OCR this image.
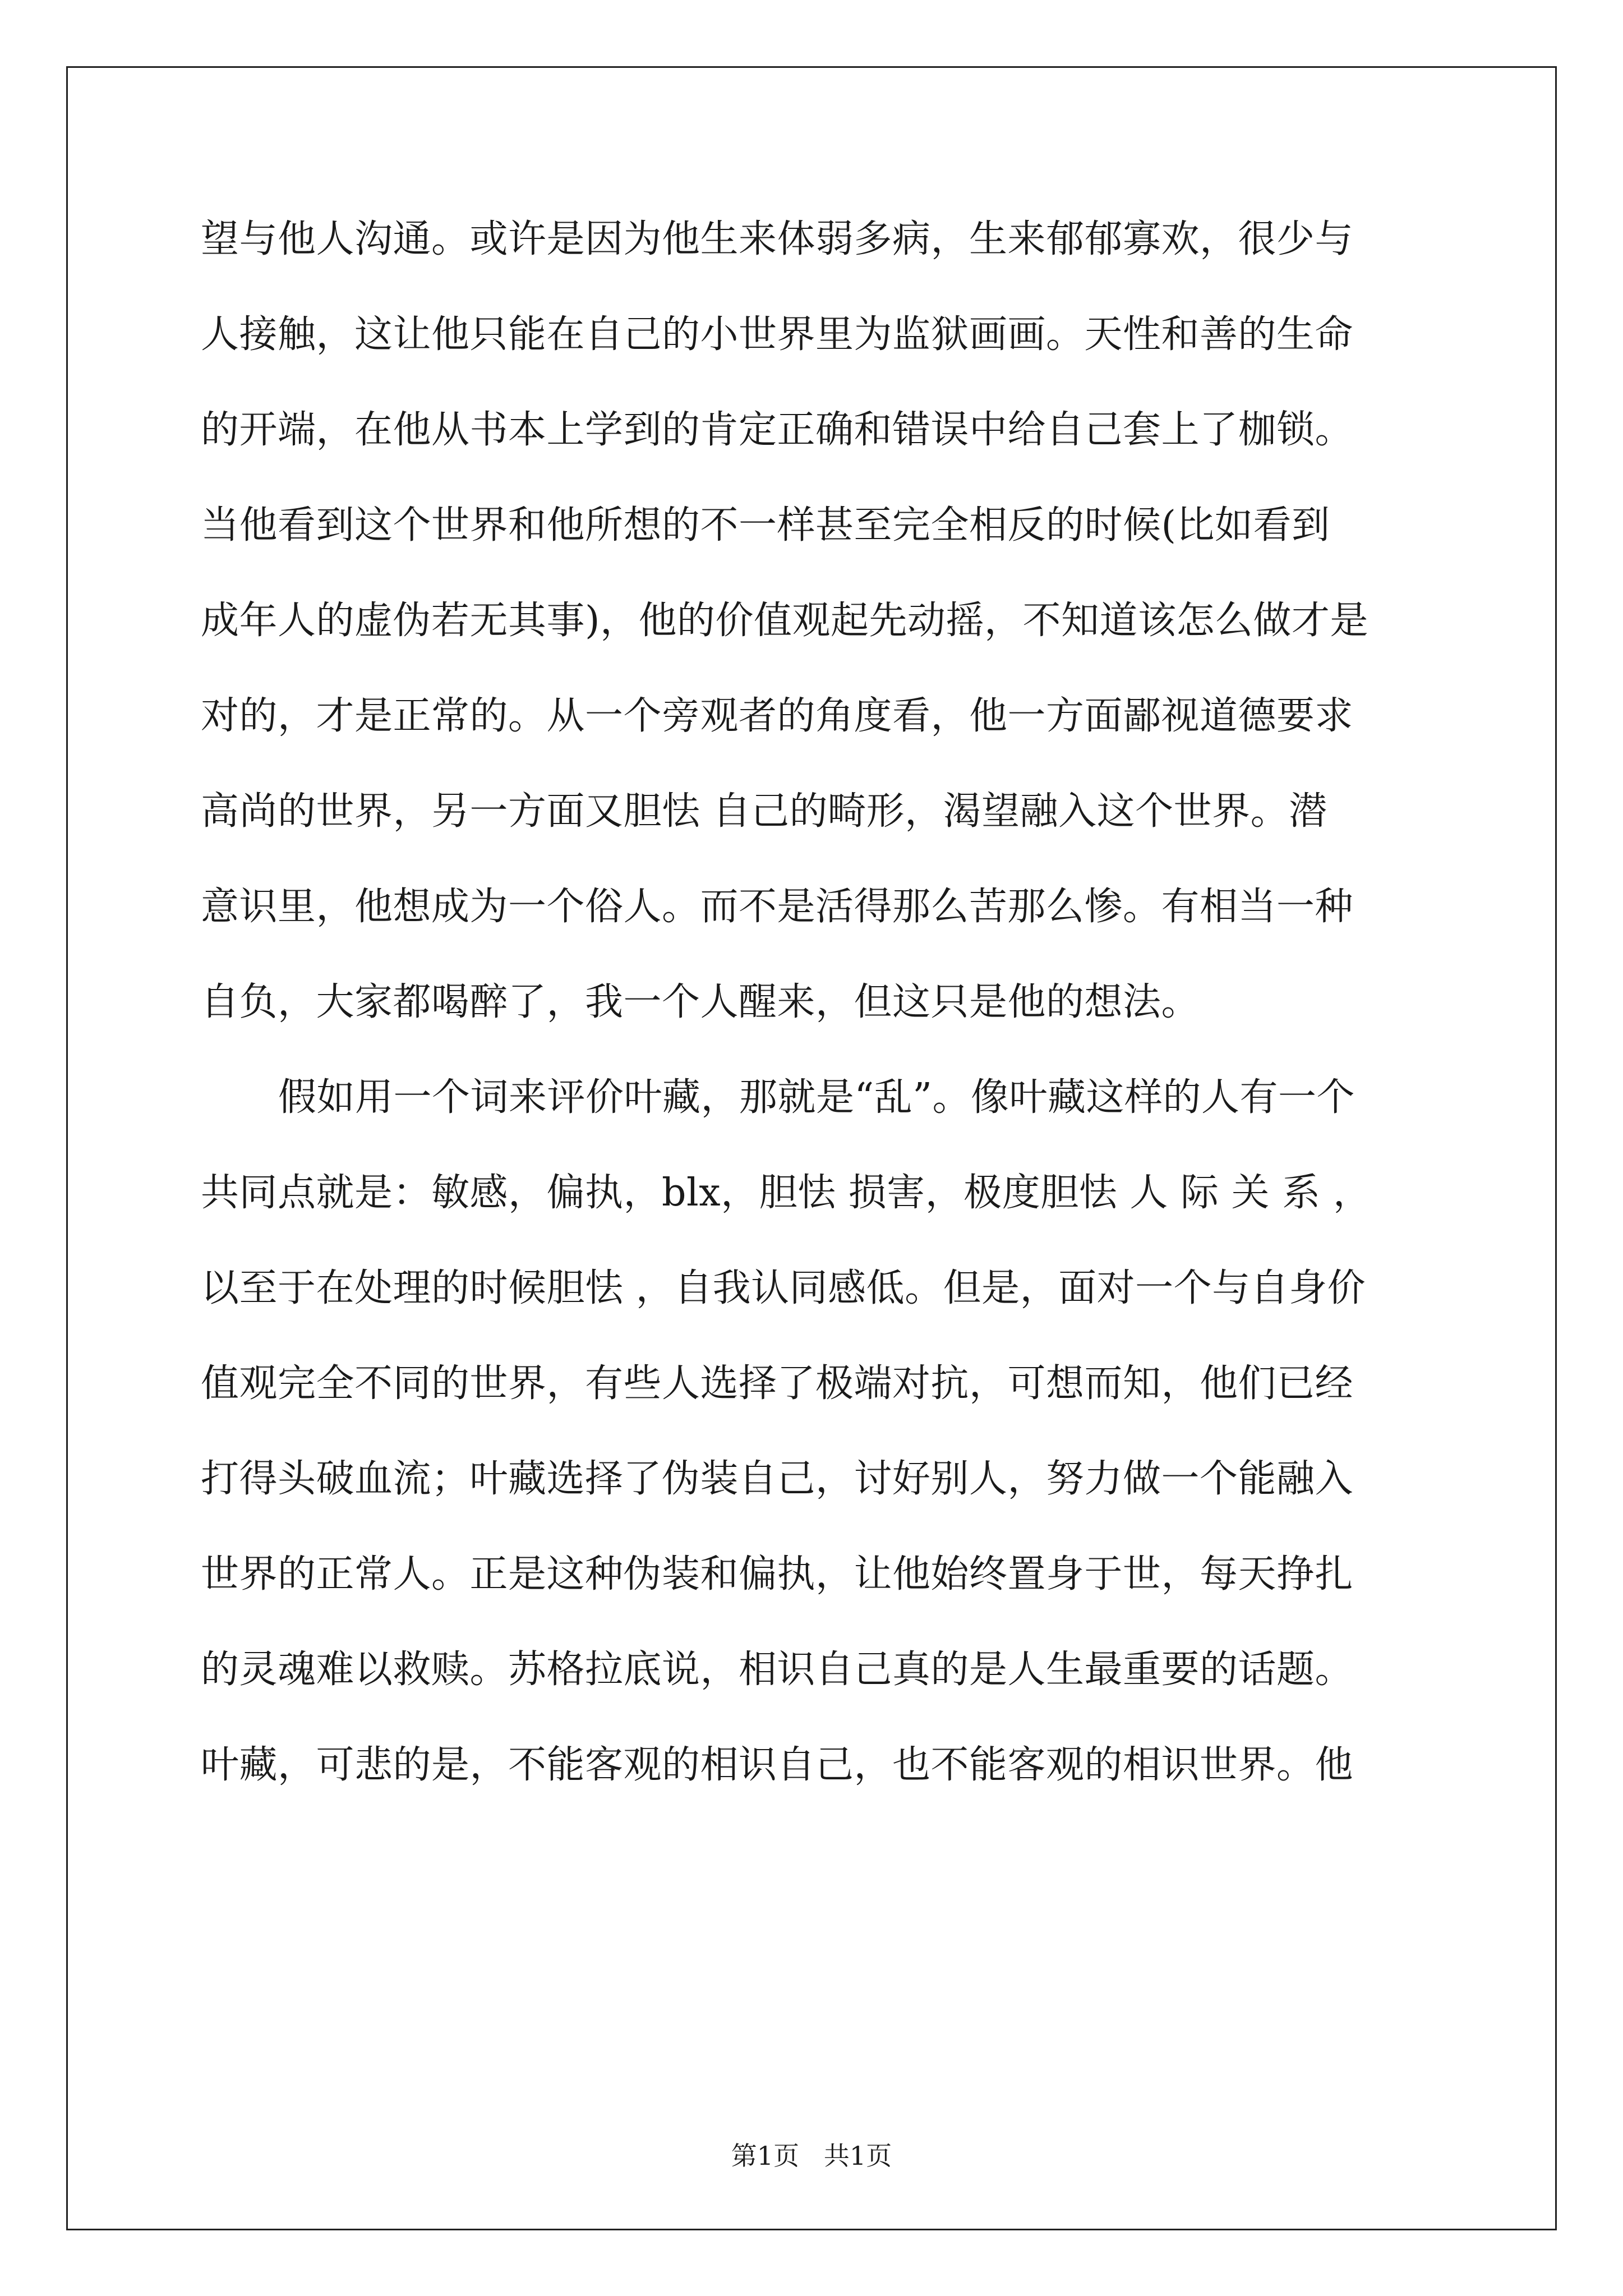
望与他人沟通。或许是因为他生来体弱多病，生来郁郁寡欢，很少与
人接触，这让他只能在自己的小世界里为监狱画画。天性和善的生命
的开端，在他从书本上学到的肯定正确和错误中给自己套上了枷锁。
当他看到这个世界和他所想的不一样甚至完全相反的时候(比如看到
成年人的虚伪若无其事)，他的价值观起先动摇，不知道该怎么做才是
对的，才是正常的。从一个旁观者的角度看，他一方面鄙视道德要求
高尚的世界，另一方面又胆怯 自己的畸形，渴望融入这个世界。潜
意识里，他想成为一个俗人。而不是活得那么苦那么惨。有相当一种
自负，大家都喝醉了，我一个人醒来，但这只是他的想法。
假如用一个词来评价叶藏，那就是“乱”。像叶藏这样的人有一个
共同点就是：敏感，偏执，blx，胆怯 损害，极度胆怯 人 际 关 系 ，
以至于在处理的时候胆怯 ，自我认同感低。但是，面对一个与自身价
值观完全不同的世界，有些人选择了极端对抗，可想而知，他们已经
打得头破血流；叶藏选择了伪装自己，讨好别人，努力做一个能融入
世界的正常人。正是这种伪装和偏执，让他始终置身于世，每天挣扎
的灵魂难以救赎。苏格拉底说，相识自己真的是人生最重要的话题。
叶藏，可悲的是，不能客观的相识自己，也不能客观的相识世界。他
第1页   共1页
